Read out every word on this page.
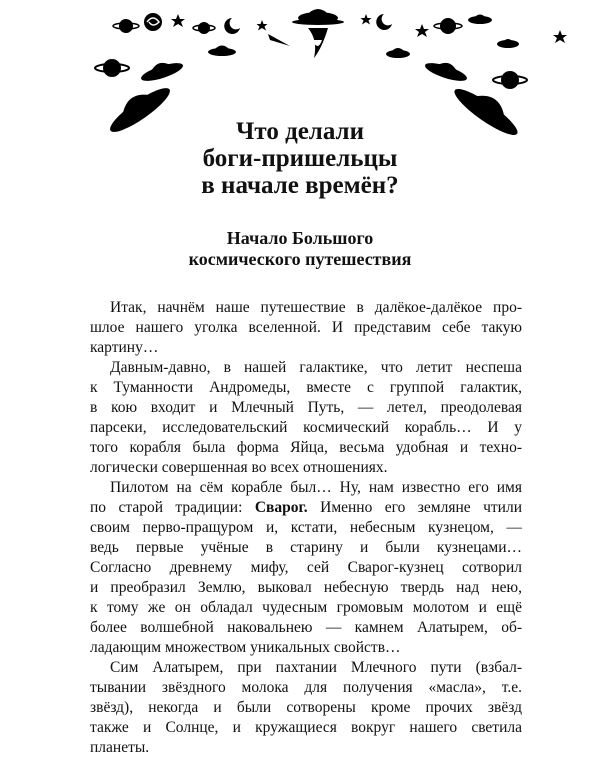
Что делали
боги-пришельцы
в начале времён?
Начало Большого
космического путешествия
Итак, начнём наше путешествие в далёкое-далёкое про-
шлое нашего уголка вселенной. И представим себе такую
картину…
Давным-давно, в нашей галактике, что летит неспеша
к Туманности Андромеды, вместе с группой галактик,
в кою входит и Млечный Путь, — летел, преодолевая
парсеки, исследовательский космический корабль… И у
того корабля была форма Яйца, весьма удобная и техно-
логически совершенная во всех отношениях.
Пилотом на сём корабле был… Ну, нам известно его имя
по старой традиции: Сварог. Именно его земляне чтили
своим перво-пращуром и, кстати, небесным кузнецом, —
ведь первые учёные в старину и были кузнецами…
Согласно древнему мифу, сей Сварог-кузнец сотворил
и преобразил Землю, выковал небесную твердь над нею,
к тому же он обладал чудесным громовым молотом и ещё
более волшебной наковальнею — камнем Алатырем, об-
ладающим множеством уникальных свойств…
Сим Алатырем, при пахтании Млечного пути (взбал-
тывании звёздного молока для получения «масла», т.е.
звёзд), некогда и были сотворены кроме прочих звёзд
также и Солнце, и кружащиеся вокруг нашего светила
планеты.
